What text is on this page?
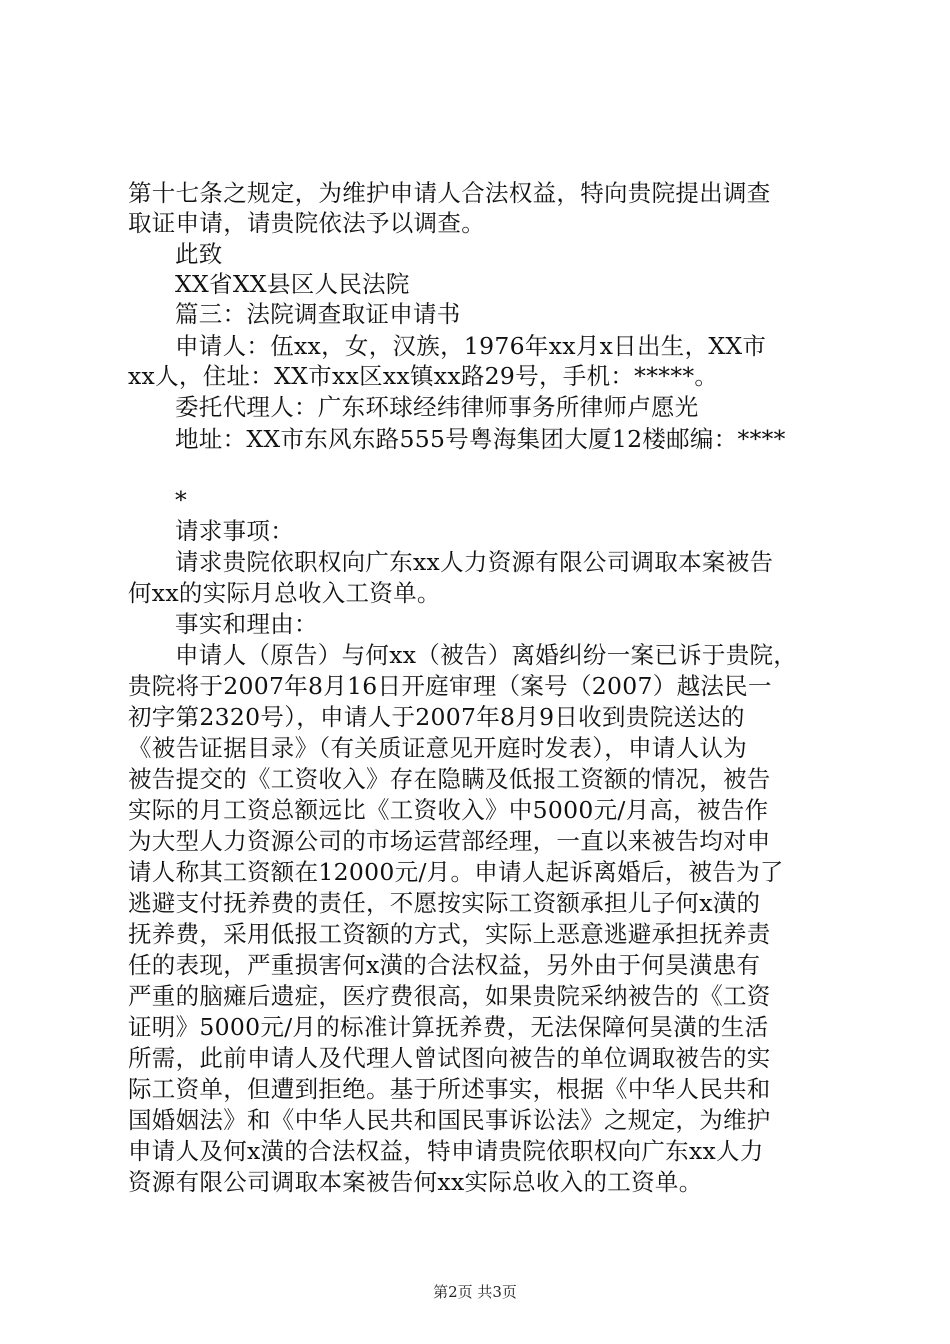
第十七条之规定，为维护申请人合法权益，特向贵院提出调查
取证申请，请贵院依法予以调查。
此致
XX省XX县区人民法院
篇三：法院调查取证申请书
申请人：伍xx，女，汉族，1976年xx月x日出生，XX市
xx人，住址：XX市xx区xx镇xx路29号，手机：*****。
委托代理人：广东环球经纬律师事务所律师卢愿光
地址：XX市东风东路555号粤海集团大厦12楼邮编：****
*
请求事项：
请求贵院依职权向广东xx人力资源有限公司调取本案被告
何xx的实际月总收入工资单。
事实和理由：
申请人（原告）与何xx（被告）离婚纠纷一案已诉于贵院，
贵院将于2007年8月16日开庭审理（案号（2007）越法民一
初字第2320号），申请人于2007年8月9日收到贵院送达的
《被告证据目录》（有关质证意见开庭时发表），申请人认为
被告提交的《工资收入》存在隐瞒及低报工资额的情况，被告
实际的月工资总额远比《工资收入》中5000元/月高，被告作
为大型人力资源公司的市场运营部经理，一直以来被告均对申
请人称其工资额在12000元/月。申请人起诉离婚后，被告为了
逃避支付抚养费的责任，不愿按实际工资额承担儿子何x潢的
抚养费，采用低报工资额的方式，实际上恶意逃避承担抚养责
任的表现，严重损害何x潢的合法权益，另外由于何昊潢患有
严重的脑瘫后遗症，医疗费很高，如果贵院采纳被告的《工资
证明》5000元/月的标准计算抚养费，无法保障何昊潢的生活
所需，此前申请人及代理人曾试图向被告的单位调取被告的实
际工资单，但遭到拒绝。基于所述事实，根据《中华人民共和
国婚姻法》和《中华人民共和国民事诉讼法》之规定，为维护
申请人及何x潢的合法权益，特申请贵院依职权向广东xx人力
资源有限公司调取本案被告何xx实际总收入的工资单。
第2页 共3页
